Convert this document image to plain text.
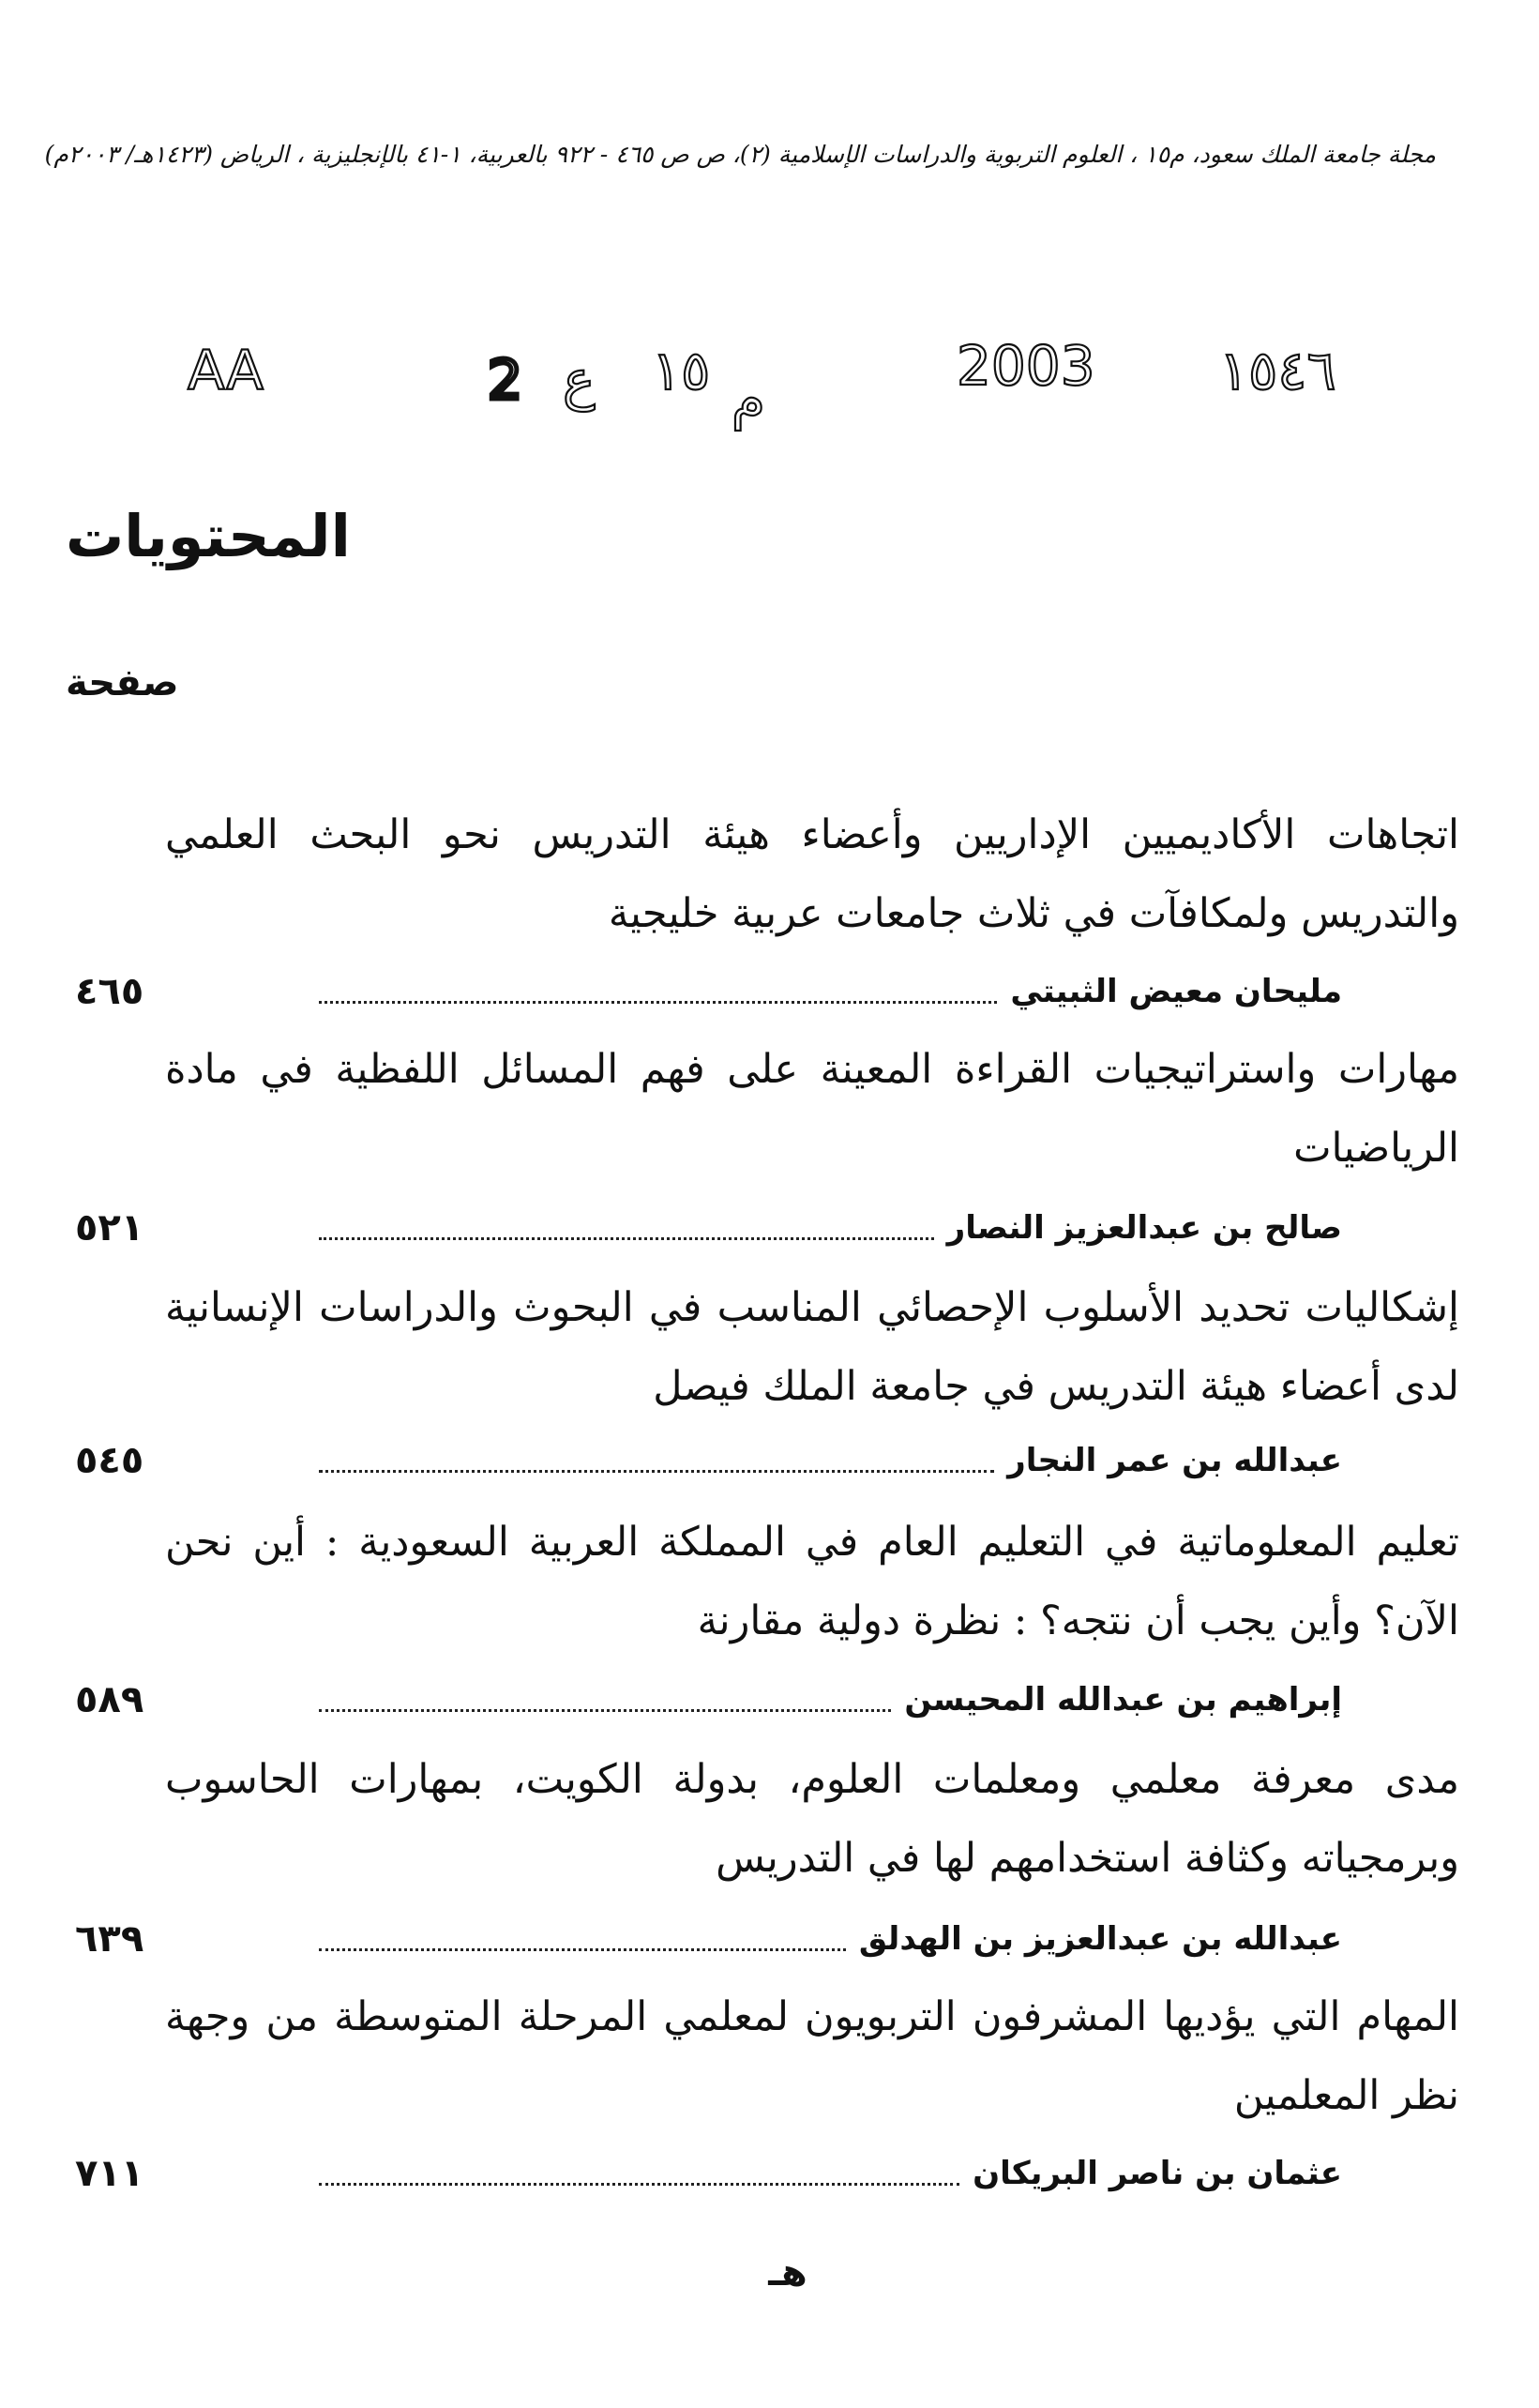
مجلة جامعة الملك سعود، م١٥ ، العلوم التربوية والدراسات الإسلامية (٢)، ص ص ٤٦٥ - ٩٢٢ بالعربية، ١-٤١ بالإنجليزية ، الرياض (١٤٢٣هـ/ ٢٠٠٣م)
AA	2 ع ١٥ م
2003 ١٥٤٦
المحتويات
صفحة
اتجاهات الأكاديميين الإداريين وأعضاء هيئة التدريس نحو البحث العلمي والتدريس ولمكافآت في ثلاث جامعات عربية خليجية
٤٦٥	مليحان معيض الثبيتي
مهارات واستراتيجيات القراءة المعينة على فهم المسائل اللفظية في مادة الرياضيات
٥٢١	صالح بن عبدالعزيز النصار
إشكاليات تحديد الأسلوب الإحصائي المناسب في البحوث والدراسات الإنسانية لدى أعضاء هيئة التدريس في جامعة الملك فيصل
٥٤٥	عبدالله بن عمر النجار
تعليم المعلوماتية في التعليم العام في المملكة العربية السعودية : أين نحن الآن؟ وأين يجب أن نتجه؟ : نظرة دولية مقارنة
٥٨٩	إبراهيم بن عبدالله المحيسن
مدى معرفة معلمي ومعلمات العلوم، بدولة الكويت، بمهارات الحاسوب وبرمجياته وكثافة استخدامهم لها في التدريس
٦٣٩	عبدالله بن عبدالعزيز بن الهدلق
المهام التي يؤديها المشرفون التربويون لمعلمي المرحلة المتوسطة من وجهة نظر المعلمين
٧١١	عثمان بن ناصر البريكان
هـ
